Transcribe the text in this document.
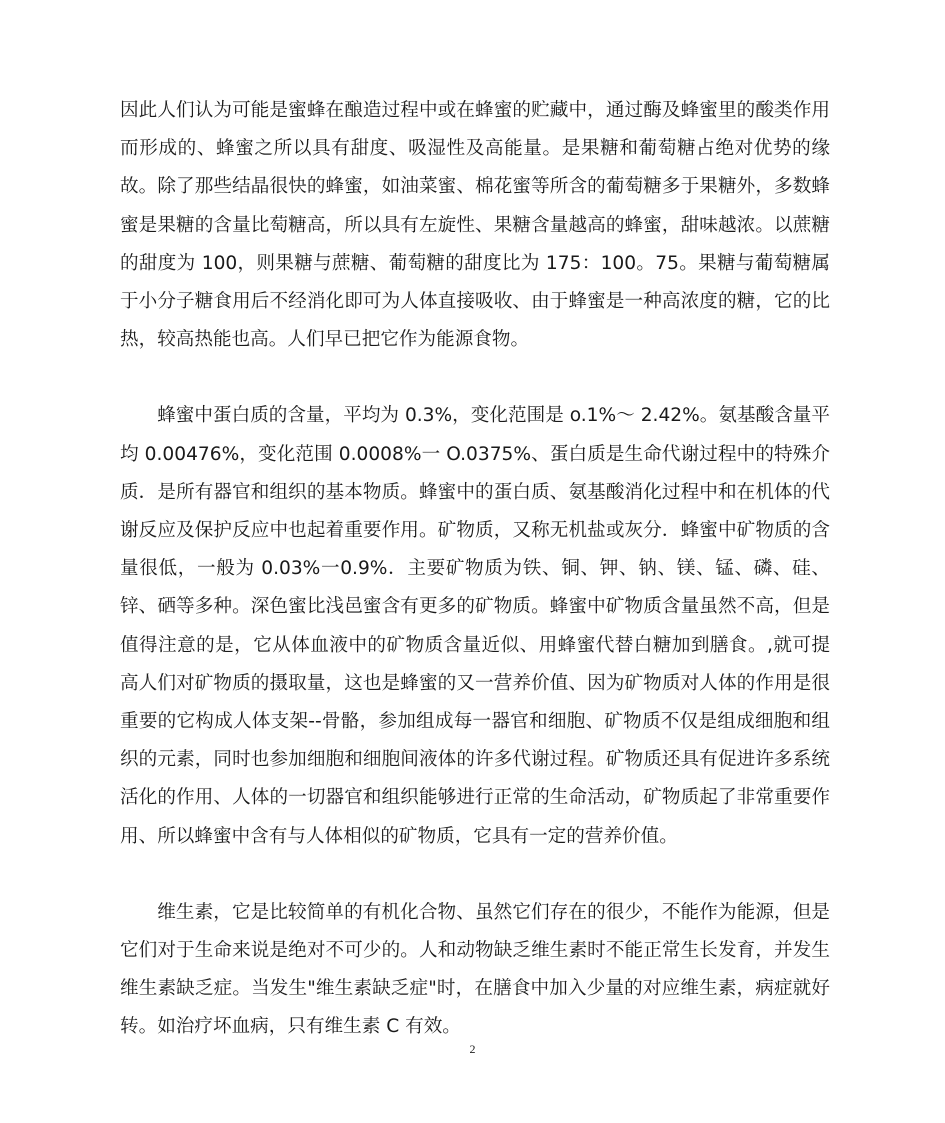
因此人们认为可能是蜜蜂在酿造过程中或在蜂蜜的贮藏中，通过酶及蜂蜜里的酸类作用而形成的、蜂蜜之所以具有甜度、吸湿性及高能量。是果糖和葡萄糖占绝对优势的缘故。除了那些结晶很快的蜂蜜，如油菜蜜、棉花蜜等所含的葡萄糖多于果糖外，多数蜂蜜是果糖的含量比萄糖高，所以具有左旋性、果糖含量越高的蜂蜜，甜味越浓。以蔗糖的甜度为 100，则果糖与蔗糖、葡萄糖的甜度比为 175：100。75。果糖与葡萄糖属于小分子糖食用后不经消化即可为人体直接吸收、由于蜂蜜是一种高浓度的糖，它的比热，较高热能也高。人们早已把它作为能源食物。

蜂蜜中蛋白质的含量，平均为 0.3%，变化范围是 o.1%～ 2.42%。氨基酸含量平均 0.00476%，变化范围 0.0008%一 O.0375%、蛋白质是生命代谢过程中的特殊介质．是所有器官和组织的基本物质。蜂蜜中的蛋白质、氨基酸消化过程中和在机体的代谢反应及保护反应中也起着重要作用。矿物质，又称无机盐或灰分．蜂蜜中矿物质的含量很低，一般为 0.03%一0.9%．主要矿物质为铁、铜、钾、钠、镁、锰、磷、硅、锌、硒等多种。深色蜜比浅邑蜜含有更多的矿物质。蜂蜜中矿物质含量虽然不高，但是值得注意的是，它从体血液中的矿物质含量近似、用蜂蜜代替白糖加到膳食。,就可提高人们对矿物质的摄取量，这也是蜂蜜的又一营养价值、因为矿物质对人体的作用是很重要的它构成人体支架--骨骼，参加组成每一器官和细胞、矿物质不仅是组成细胞和组织的元素，同时也参加细胞和细胞间液体的许多代谢过程。矿物质还具有促进许多系统活化的作用、人体的一切器官和组织能够进行正常的生命活动，矿物质起了非常重要作用、所以蜂蜜中含有与人体相似的矿物质，它具有一定的营养价值。

维生素，它是比较简单的有机化合物、虽然它们存在的很少，不能作为能源，但是它们对于生命来说是绝对不可少的。人和动物缺乏维生素时不能正常生长发育，并发生维生素缺乏症。当发生"维生素缺乏症"时，在膳食中加入少量的对应维生素，病症就好转。如治疗坏血病，只有维生素 C 有效。

2
